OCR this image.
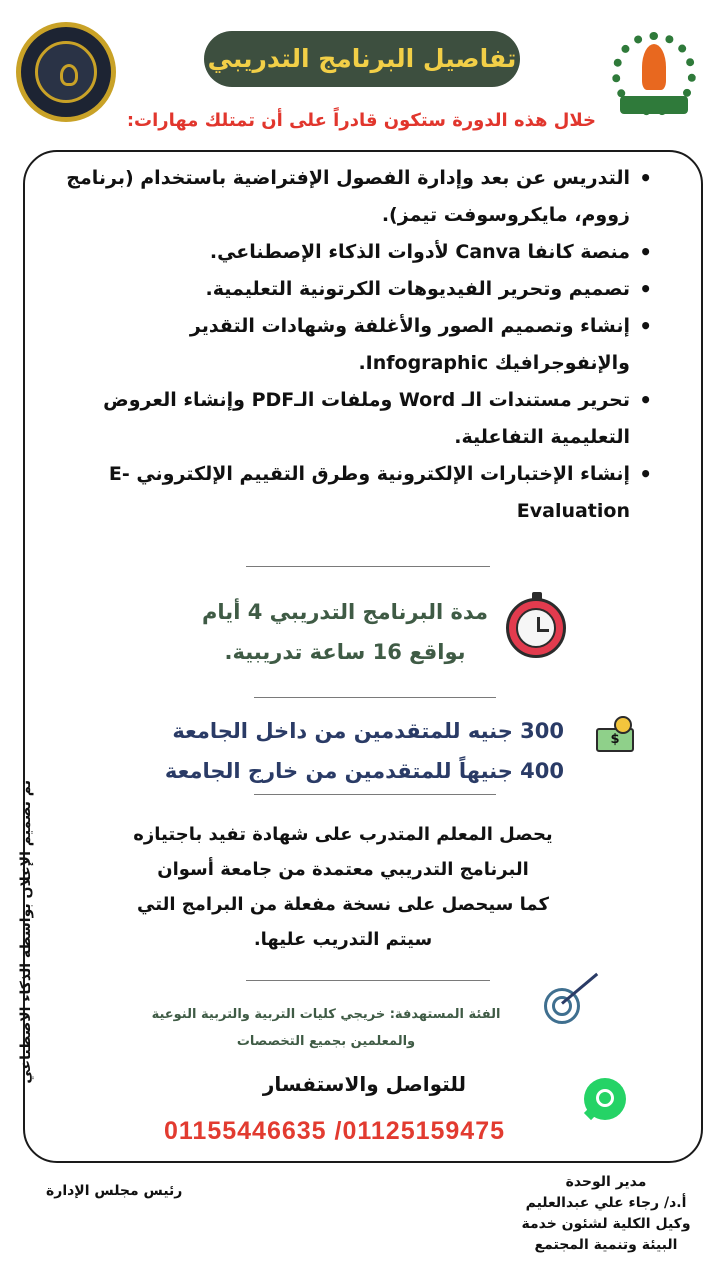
تفاصيل البرنامج التدريبي
خلال هذه الدورة ستكون قادراً على أن تمتلك مهارات:
• التدريس عن بعد وإدارة الفصول الإفتراضية باستخدام (برنامج زووم، مايكروسوفت تيمز).
• منصة كانفا Canva لأدوات الذكاء الإصطناعي.
• تصميم وتحرير الفيديوهات الكرتونية التعليمية.
• إنشاء وتصميم الصور والأغلفة وشهادات التقدير والإنفوجرافيك Infographic.
• تحرير مستندات الـ Word وملفات الـPDF وإنشاء العروض التعليمية التفاعلية.
• إنشاء الإختبارات الإلكترونية وطرق التقييم الإلكتروني -E Evaluation
مدة البرنامج التدريبي 4 أيام
بواقع 16 ساعة تدريبية.
$
300 جنيه للمتقدمين من داخل الجامعة
400 جنيهاً للمتقدمين من خارج الجامعة
يحصل المعلم المتدرب على شهادة تفيد باجتيازه
البرنامج التدريبي معتمدة من جامعة أسوان
كما سيحصل على نسخة مفعلة من البرامج التي
سيتم التدريب عليها.
الفئة المستهدفة: خريجي كليات التربية والتربية النوعية
والمعلمين بجميع التخصصات
للتواصل والاستفسار
01155446635 /01125159475
تم تصميم الإعلان بواسطة الذكاء الاصطناعي
رئيس مجلس الإدارة
مدير الوحدة
أ.د/ رجاء علي عبدالعليم
وكيل الكلية لشئون خدمة
البيئة وتنمية المجتمع
